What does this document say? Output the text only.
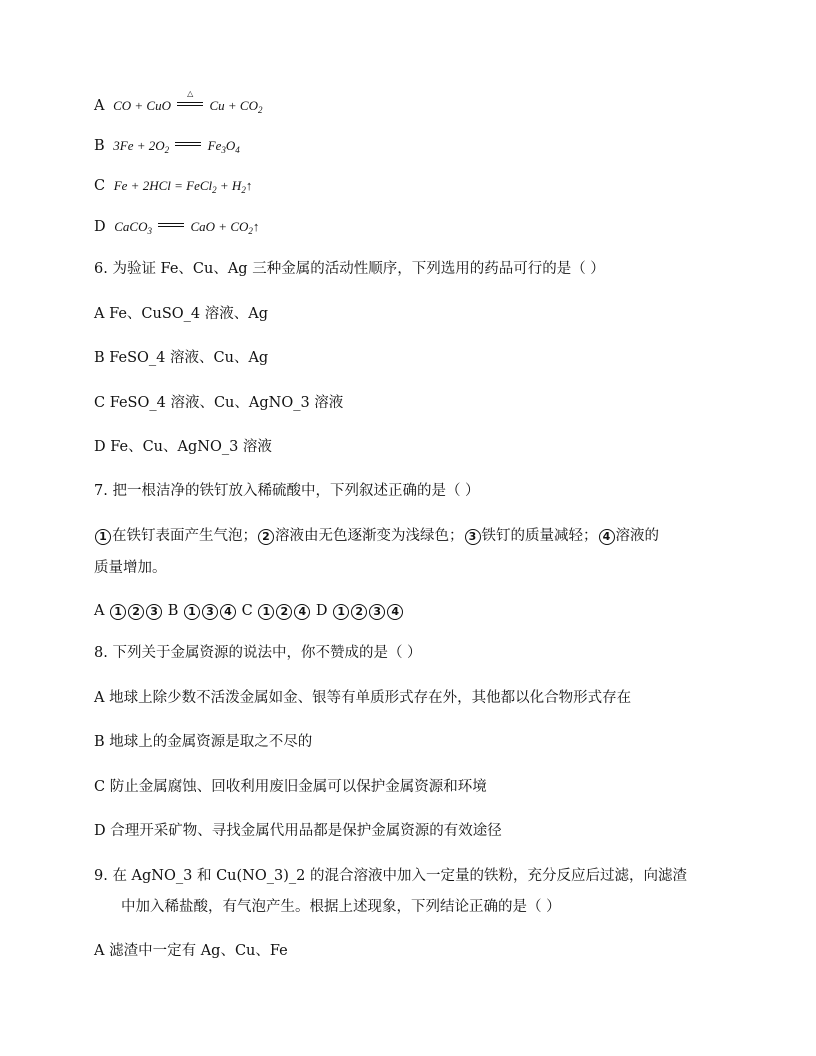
A CO + CuO
△
$Cu + CO_2$
B $3Fe + 2O_2$	$Fe_3O_4$
C Fe + 2HCl = FeCl$_2$ + $H_2↑$
D CaCO$_3$	CaO + $CO_2↑$
6. 为验证 Fe、Cu、Ag 三种金属的活动性顺序，下列选用的药品可行的是（ ）
A Fe、CuSO_4 溶液、Ag
B FeSO_4 溶液、Cu、Ag
C FeSO_4 溶液、Cu、AgNO_3 溶液
D Fe、Cu、AgNO_3 溶液
7. 把一根洁净的铁钉放入稀硫酸中，下列叙述正确的是（ ）
1 在铁钉表面产生气泡； 2 溶液由无色逐渐变为浅绿色； 3 铁钉的质量减轻； 4 溶液的
质量增加。
A 1 2 3 B 1 3 4 C 1 2 4 D 1 2 3 4
8. 下列关于金属资源的说法中，你不赞成的是（ ）
A 地球上除少数不活泼金属如金、银等有单质形式存在外，其他都以化合物形式存在
B 地球上的金属资源是取之不尽的
C 防止金属腐蚀、回收利用废旧金属可以保护金属资源和环境
D 合理开采矿物、寻找金属代用品都是保护金属资源的有效途径
9. 在 AgNO_3 和 Cu(NO_3)_2 的混合溶液中加入一定量的铁粉，充分反应后过滤，向滤渣
中加入稀盐酸，有气泡产生。根据上述现象，下列结论正确的是（ ）
A 滤渣中一定有 Ag、Cu、Fe
